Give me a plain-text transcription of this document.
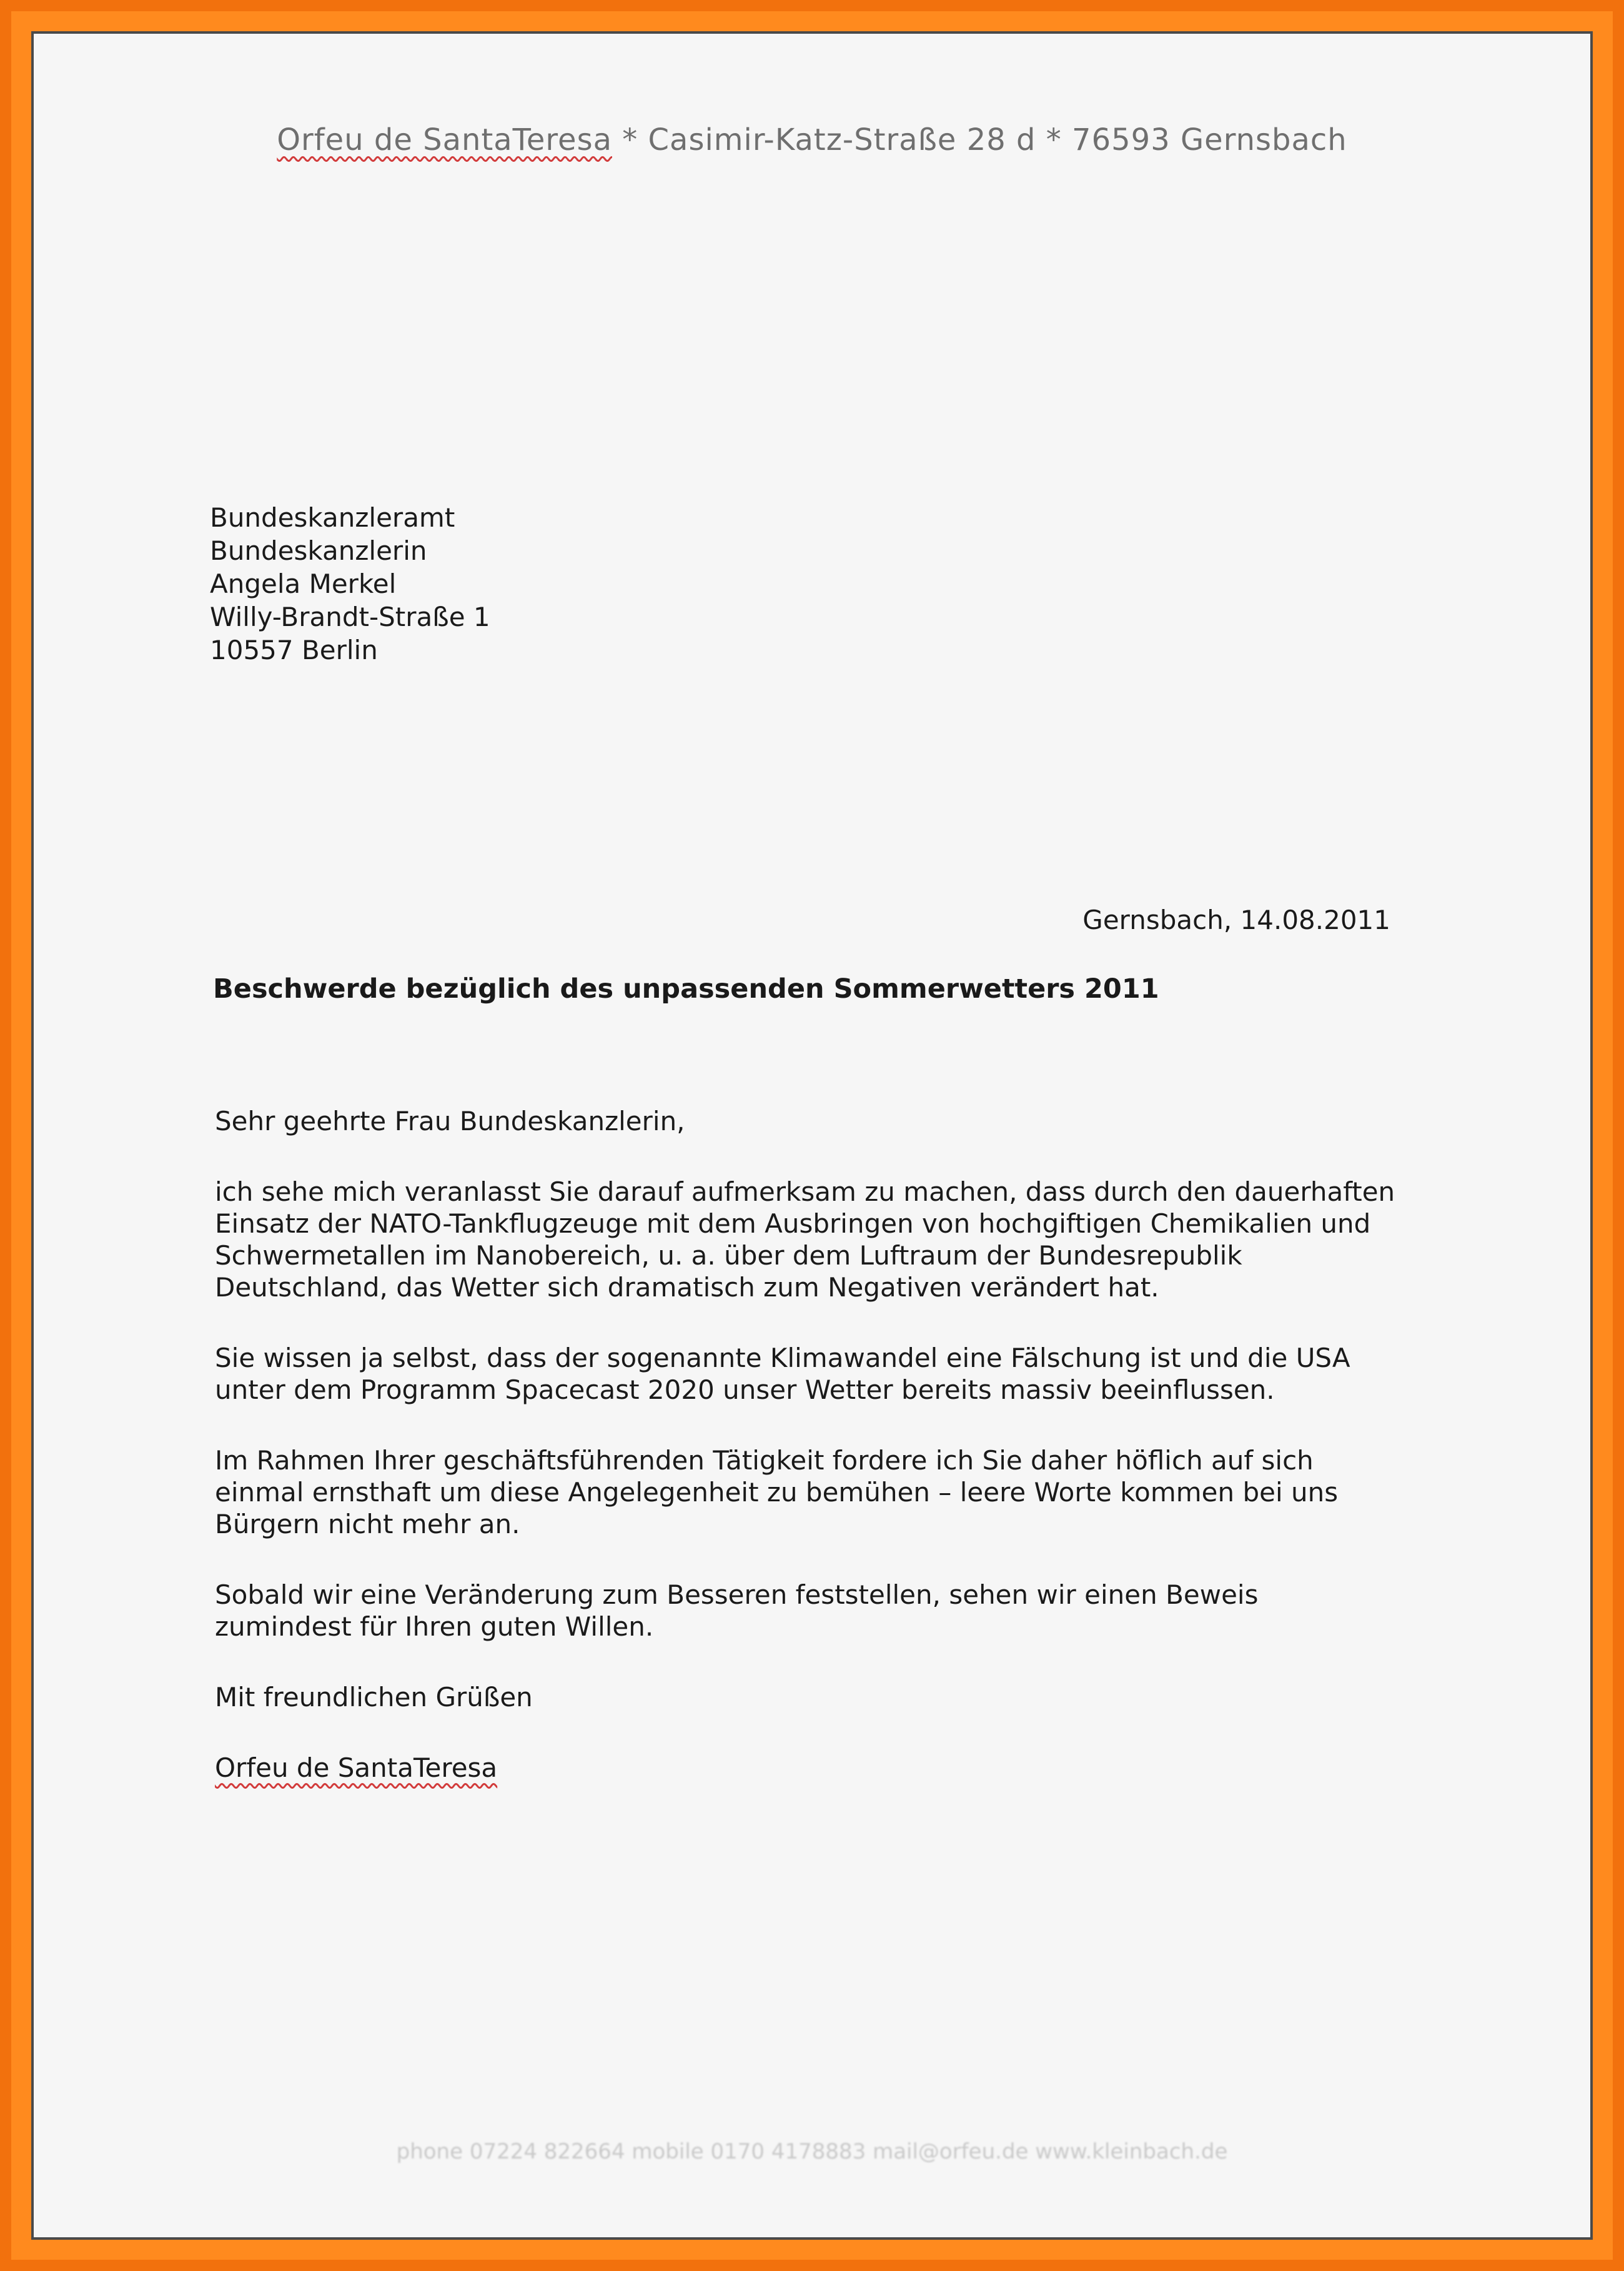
Orfeu de SantaTeresa * Casimir-Katz-Straße 28 d * 76593 Gernsbach
Bundeskanzleramt
Bundeskanzlerin
Angela Merkel
Willy-Brandt-Straße 1
10557 Berlin
Gernsbach, 14.08.2011
Beschwerde bezüglich des unpassenden Sommerwetters 2011

Sehr geehrte Frau Bundeskanzlerin,

ich sehe mich veranlasst Sie darauf aufmerksam zu machen, dass durch den dauerhaften
Einsatz der NATO-Tankflugzeuge mit dem Ausbringen von hochgiftigen Chemikalien und
Schwermetallen im Nanobereich, u. a. über dem Luftraum der Bundesrepublik
Deutschland, das Wetter sich dramatisch zum Negativen verändert hat.

Sie wissen ja selbst, dass der sogenannte Klimawandel eine Fälschung ist und die USA
unter dem Programm Spacecast 2020 unser Wetter bereits massiv beeinflussen.

Im Rahmen Ihrer geschäftsführenden Tätigkeit fordere ich Sie daher höflich auf sich
einmal ernsthaft um diese Angelegenheit zu bemühen – leere Worte kommen bei uns
Bürgern nicht mehr an.

Sobald wir eine Veränderung zum Besseren feststellen, sehen wir einen Beweis
zumindest für Ihren guten Willen.

Mit freundlichen Grüßen

Orfeu de SantaTeresa

phone 07224 822664 mobile 0170 4178883 mail@orfeu.de www.kleinbach.de
